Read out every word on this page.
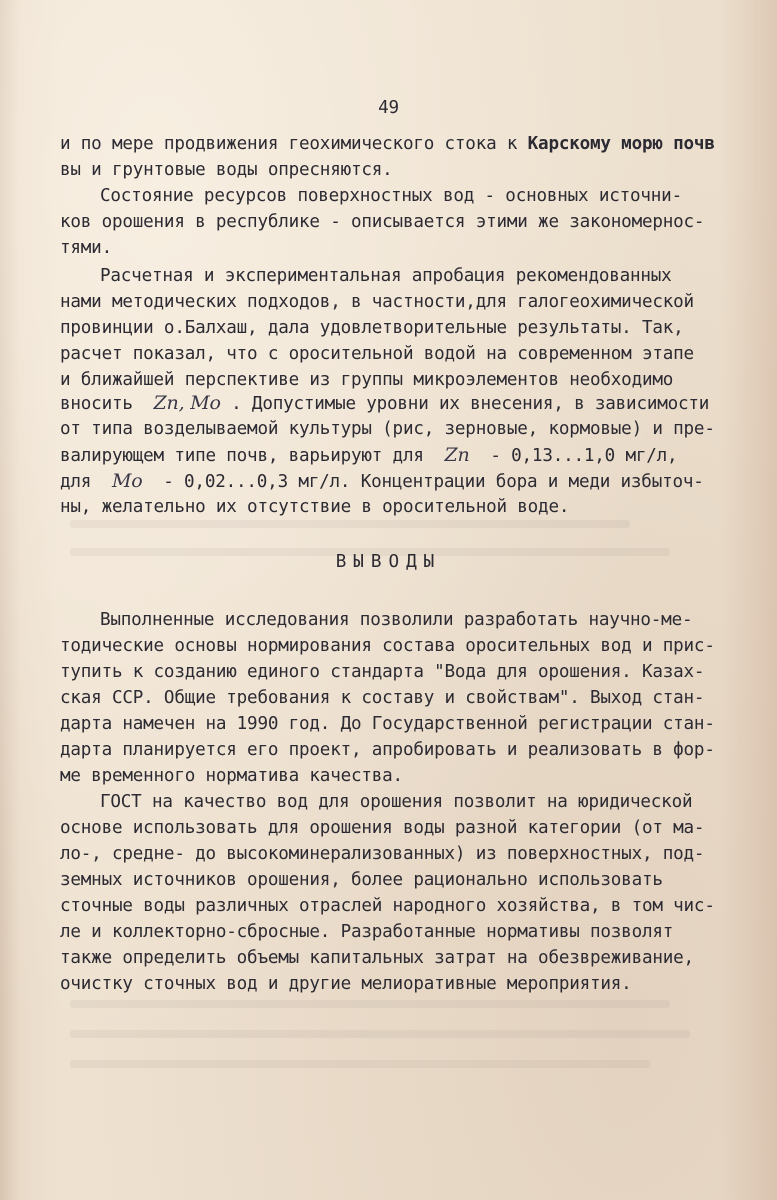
49
и по мере продвижения геохимического стока к Карскому морю почв
вы и грунтовые воды опресняются.
Состояние ресурсов поверхностных вод - основных источни-
ков орошения в республике - описывается этими же закономернос-
тями.
Расчетная и экспериментальная апробация рекомендованных
нами методических подходов, в частности,для галогеохимической
провинции о.Балхаш, дала удовлетворительные результаты. Так,
расчет показал, что с оросительной водой на современном этапе
и ближайшей перспективе из группы микроэлементов необходимо
вносить  Zn, Mo . Допустимые уровни их внесения, в зависимости
от типа возделываемой культуры (рис, зерновые, кормовые) и пре-
валирующем типе почв, варьируют для  Zn  - 0,13...1,0 мг/л,
для  Mo  - 0,02...0,3 мг/л. Концентрации бора и меди избыточ-
ны, желательно их отсутствие в оросительной воде.
ВЫВОДЫ
Выполненные исследования позволили разработать научно-ме-
тодические основы нормирования состава оросительных вод и прис-
тупить к созданию единого стандарта "Вода для орошения. Казах-
ская ССР. Общие требования к составу и свойствам". Выход стан-
дарта намечен на 1990 год. До Государственной регистрации стан-
дарта планируется его проект, апробировать и реализовать в фор-
ме временного норматива качества.
ГОСТ на качество вод для орошения позволит на юридической
основе использовать для орошения воды разной категории (от ма-
ло-, средне- до высокоминерализованных) из поверхностных, под-
земных источников орошения, более рационально использовать
сточные воды различных отраслей народного хозяйства, в том чис-
ле и коллекторно-сбросные. Разработанные нормативы позволят
также определить объемы капитальных затрат на обезвреживание,
очистку сточных вод и другие мелиоративные мероприятия.
